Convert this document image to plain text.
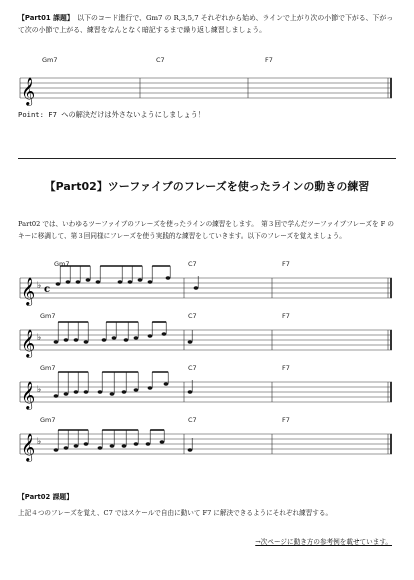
【Part01 課題】　以下のコード進行で、Gm7 の R,3,5,7 それぞれから始め、ラインで上がり次の小節で下がる、下がって次の小節で上がる、練習をなんとなく暗記するまで繰り返し練習しましょう。
Gm7	C7	F7
𝄞
Point: F7 への解決だけは外さないようにしましょう！
【Part02】ツーファイブのフレーズを使ったラインの動きの練習
Part02 では、いわゆるツーファイブのフレーズを使ったラインの練習をします。　第３回で学んだツーファイブフレーズを F のキーに移調して、第３回同様にフレーズを使う実践的な練習をしていきます。以下のフレーズを覚えましょう。
Gm7	C7	F7
𝄞 ♭ c
Gm7	C7	F7
𝄞 ♭
Gm7	C7	F7
𝄞 ♭
Gm7	C7	F7
𝄞 ♭
【Part02 課題】
上記４つのフレーズを覚え、C7 ではスケールで自由に動いて F7 に解決できるようにそれぞれ練習する。
→次ページに動き方の参考例を載せています。
